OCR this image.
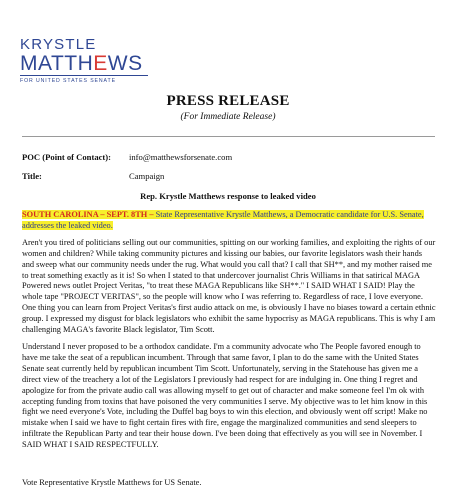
KRYSTLE
MATTH E WS
FOR UNITED STATES SENATE
PRESS RELEASE
(For Immediate Release)
POC (Point of Contact):	info@matthewsforsenate.com
Title:	Campaign
Rep. Krystle Matthews response to leaked video

SOUTH CAROLINA – SEPT. 8TH – State Representative Krystle Matthews, a Democratic candidate for U.S. Senate, addresses the leaked video.

Aren't you tired of politicians selling out our communities, spitting on our working families, and exploiting the rights of our women and children? While taking community pictures and kissing our babies, our favorite legislators wash their hands and sweep what our community needs under the rug. What would you call that? I call that SH**, and my mother raised me to treat something exactly as it is! So when I stated to that undercover journalist Chris Williams in that satirical MAGA Powered news outlet Project Veritas, "to treat these MAGA Republicans like SH**." I SAID WHAT I SAID! Play the whole tape "PROJECT VERITAS", so the people will know who I was referring to. Regardless of race, I love everyone. One thing you can learn from Project Veritas's first audio attack on me, is obviously I have no biases toward a certain ethnic group. I expressed my disgust for black legislators who exhibit the same hypocrisy as MAGA republicans. This is why I am challenging MAGA's favorite Black legislator, Tim Scott.

Understand I never proposed to be a orthodox candidate. I'm a community advocate who The People favored enough to have me take the seat of a republican incumbent. Through that same favor, I plan to do the same with the United States Senate seat currently held by republican incumbent Tim Scott. Unfortunately, serving in the Statehouse has given me a direct view of the treachery a lot of the Legislators I previously had respect for are indulging in. One thing I regret and apologize for from the private audio call was allowing myself to get out of character and make someone feel I'm ok with accepting funding from toxins that have poisoned the very communities I serve. My objective was to let him know in this fight we need everyone's Vote, including the Duffel bag boys to win this election, and obviously went off script! Make no mistake when I said we have to fight certain fires with fire, engage the marginalized communities and send sleepers to infiltrate the Republican Party and tear their house down. I've been doing that effectively as you will see in November. I SAID WHAT I SAID RESPECTFULLY.

Vote Representative Krystle Matthews for US Senate.
